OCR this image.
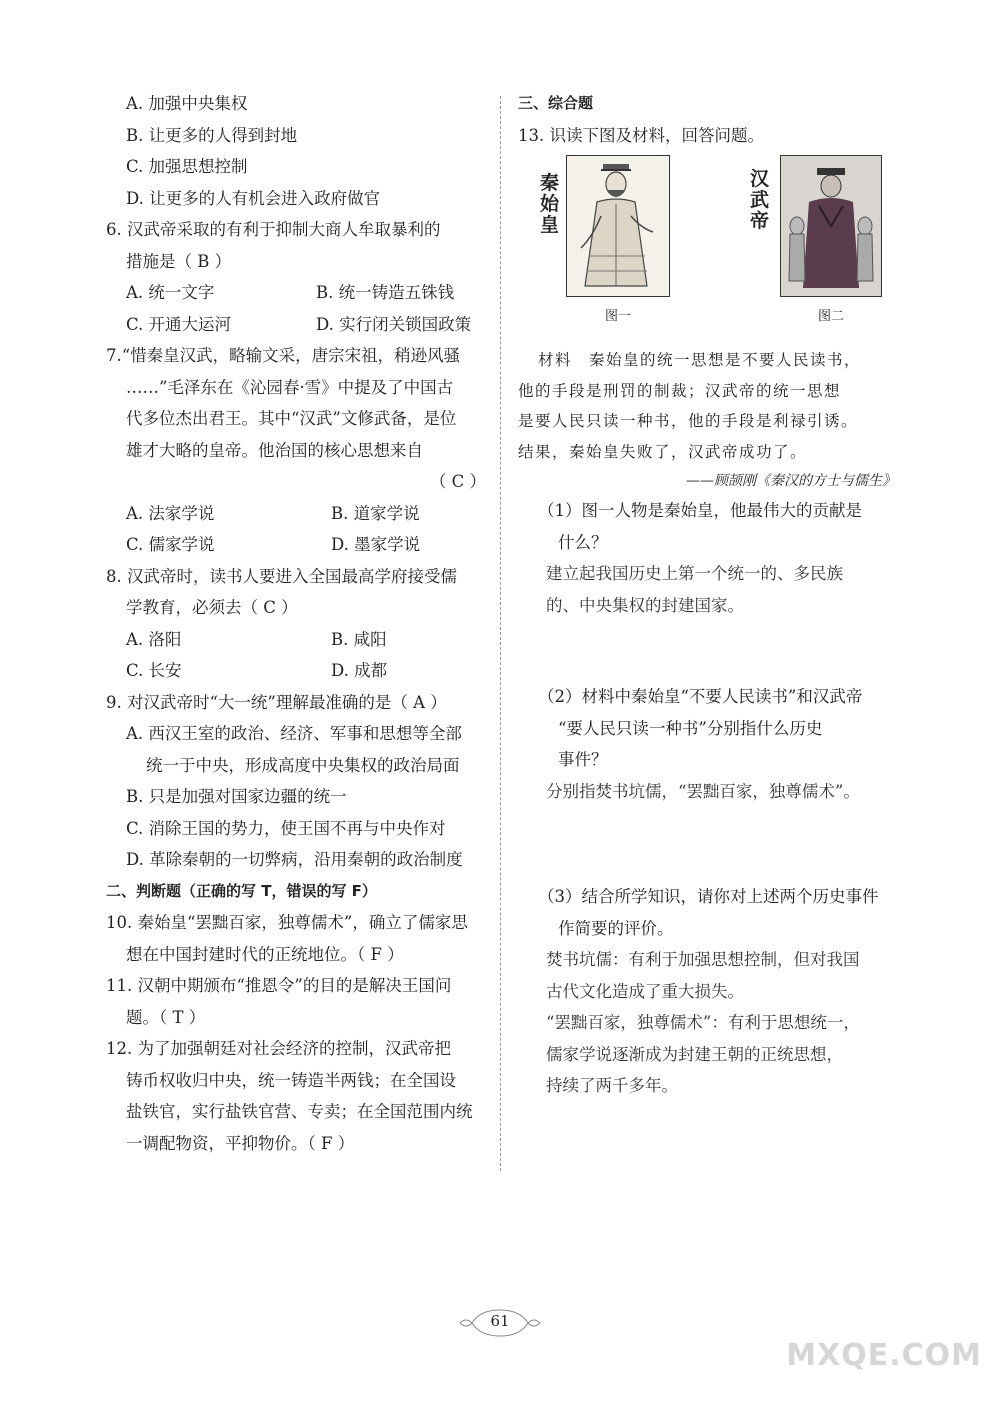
A. 加强中央集权
B. 让更多的人得到封地
C. 加强思想控制
D. 让更多的人有机会进入政府做官
6. 汉武帝采取的有利于抑制大商人牟取暴利的
措施是（ B ）
A. 统一文字	B. 统一铸造五铢钱
C. 开通大运河	D. 实行闭关锁国政策
7.“惜秦皇汉武，略输文采，唐宗宋祖，稍逊风骚
……”毛泽东在《沁园春·雪》中提及了中国古
代多位杰出君王。其中“汉武”文修武备，是位
雄才大略的皇帝。他治国的核心思想来自
（ C ）
A. 法家学说	B. 道家学说
C. 儒家学说	D. 墨家学说
8. 汉武帝时，读书人要进入全国最高学府接受儒
学教育，必须去（ C ）
A. 洛阳	B. 咸阳
C. 长安	D. 成都
9. 对汉武帝时“大一统”理解最准确的是（ A ）
A. 西汉王室的政治、经济、军事和思想等全部
统一于中央，形成高度中央集权的政治局面
B. 只是加强对国家边疆的统一
C. 消除王国的势力，使王国不再与中央作对
D. 革除秦朝的一切弊病，沿用秦朝的政治制度
二、判断题（正确的写 T，错误的写 F）
10. 秦始皇“罢黜百家，独尊儒术”，确立了儒家思
想在中国封建时代的正统地位。（ F ）
11. 汉朝中期颁布“推恩令”的目的是解决王国问
题。（ T ）
12. 为了加强朝廷对社会经济的控制，汉武帝把
铸币权收归中央，统一铸造半两钱；在全国设
盐铁官，实行盐铁官营、专卖；在全国范围内统
一调配物资，平抑物价。（ F ）
三、综合题
13. 识读下图及材料，回答问题。
秦始皇
图一
汉武帝
图二
材料　秦始皇的统一思想是不要人民读书，
他的手段是刑罚的制裁；汉武帝的统一思想
是要人民只读一种书，他的手段是利禄引诱。
结果，秦始皇失败了，汉武帝成功了。
——顾颉刚《秦汉的方士与儒生》
（1）图一人物是秦始皇，他最伟大的贡献是
什么？
建立起我国历史上第一个统一的、多民族
的、中央集权的封建国家。
（2）材料中秦始皇“不要人民读书”和汉武帝
“要人民只读一种书”分别指什么历史
事件？
分别指焚书坑儒，“罢黜百家，独尊儒术”。
（3）结合所学知识，请你对上述两个历史事件
作简要的评价。
焚书坑儒：有利于加强思想控制，但对我国
古代文化造成了重大损失。
“罢黜百家，独尊儒术”：有利于思想统一，
儒家学说逐渐成为封建王朝的正统思想，
持续了两千多年。
61
MXQE.COM
